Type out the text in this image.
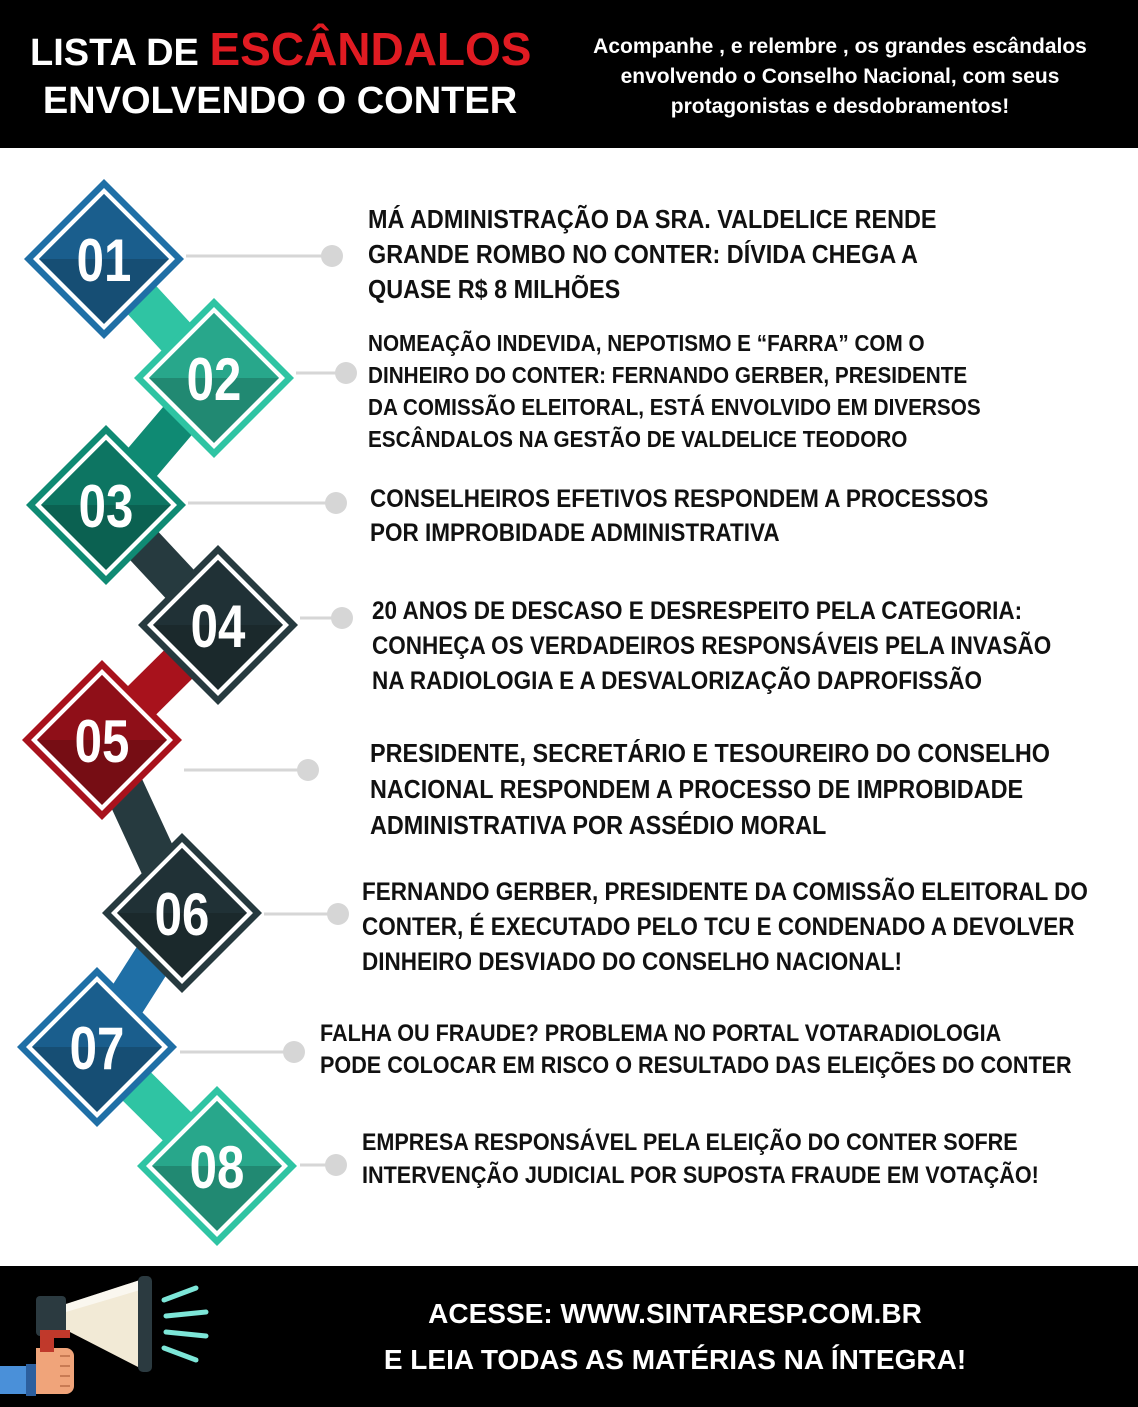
LISTA DE ESCÂNDALOS
ENVOLVENDO O CONTER
Acompanhe , e relembre , os grandes escândalos envolvendo o Conselho Nacional, com seus protagonistas e desdobramentos!
01
02
03
04
05
06
07
08
MÁ ADMINISTRAÇÃO DA SRA. VALDELICE RENDE
GRANDE ROMBO NO CONTER: DÍVIDA CHEGA A
QUASE R$ 8 MILHÕES
NOMEAÇÃO INDEVIDA, NEPOTISMO E “FARRA” COM O
DINHEIRO DO CONTER: FERNANDO GERBER, PRESIDENTE
DA COMISSÃO ELEITORAL, ESTÁ ENVOLVIDO EM DIVERSOS
ESCÂNDALOS NA GESTÃO DE VALDELICE TEODORO
CONSELHEIROS EFETIVOS RESPONDEM A PROCESSOS
POR IMPROBIDADE ADMINISTRATIVA
20 ANOS DE DESCASO E DESRESPEITO PELA CATEGORIA:
CONHEÇA OS VERDADEIROS RESPONSÁVEIS PELA INVASÃO
NA RADIOLOGIA E A DESVALORIZAÇÃO DAPROFISSÃO
PRESIDENTE, SECRETÁRIO E TESOUREIRO DO CONSELHO
NACIONAL RESPONDEM A PROCESSO DE IMPROBIDADE
ADMINISTRATIVA POR ASSÉDIO MORAL
FERNANDO GERBER, PRESIDENTE DA COMISSÃO ELEITORAL DO
CONTER, É EXECUTADO PELO TCU E CONDENADO A DEVOLVER
DINHEIRO DESVIADO DO CONSELHO NACIONAL!
FALHA OU FRAUDE? PROBLEMA NO PORTAL VOTARADIOLOGIA
PODE COLOCAR EM RISCO O RESULTADO DAS ELEIÇÕES DO CONTER
EMPRESA RESPONSÁVEL PELA ELEIÇÃO DO CONTER SOFRE
INTERVENÇÃO JUDICIAL POR SUPOSTA FRAUDE EM VOTAÇÃO!
ACESSE: WWW.SINTARESP.COM.BR
E LEIA TODAS AS MATÉRIAS NA ÍNTEGRA!
